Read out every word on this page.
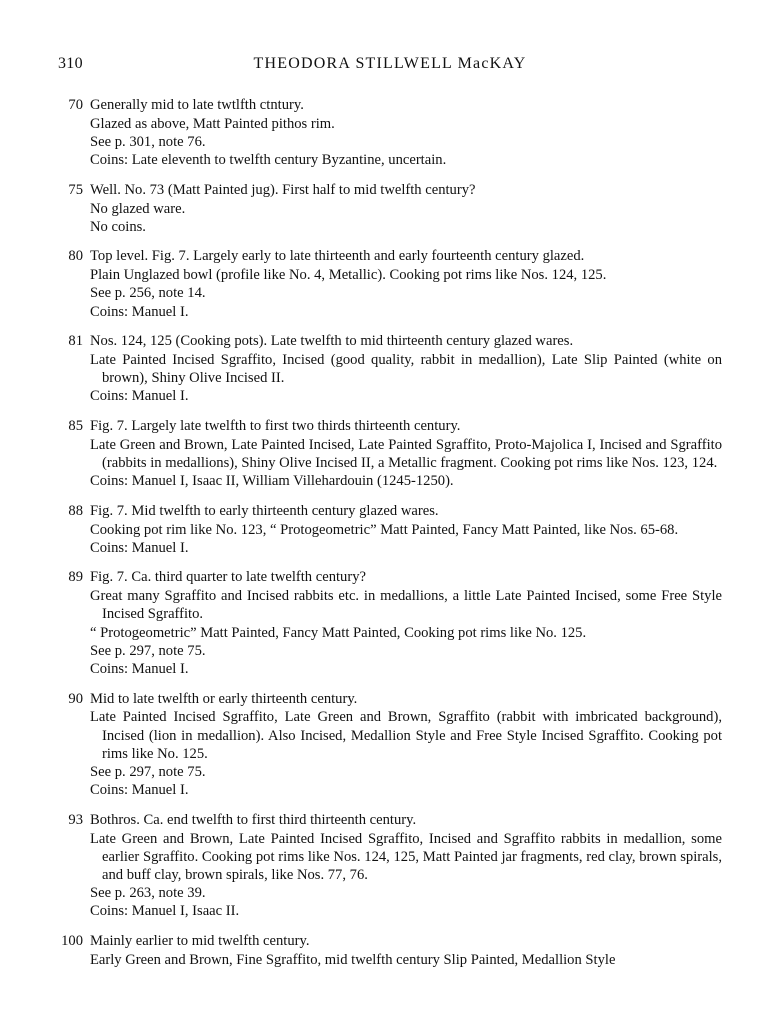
310	THEODORA STILLWELL MacKAY
70 Generally mid to late twtlfth ctntury.
Glazed as above, Matt Painted pithos rim.
See p. 301, note 76.
Coins: Late eleventh to twelfth century Byzantine, uncertain.
75 Well. No. 73 (Matt Painted jug). First half to mid twelfth century?
No glazed ware.
No coins.
80 Top level. Fig. 7. Largely early to late thirteenth and early fourteenth century glazed.
Plain Unglazed bowl (profile like No. 4, Metallic). Cooking pot rims like Nos. 124, 125.
See p. 256, note 14.
Coins: Manuel I.
81 Nos. 124, 125 (Cooking pots). Late twelfth to mid thirteenth century glazed wares.
Late Painted Incised Sgraffito, Incised (good quality, rabbit in medallion), Late Slip Painted (white on brown), Shiny Olive Incised II.
Coins: Manuel I.
85 Fig. 7. Largely late twelfth to first two thirds thirteenth century.
Late Green and Brown, Late Painted Incised, Late Painted Sgraffito, Proto-Majolica I, Incised and Sgraffito (rabbits in medallions), Shiny Olive Incised II, a Metallic fragment. Cooking pot rims like Nos. 123, 124.
Coins: Manuel I, Isaac II, William Villehardouin (1245-1250).
88 Fig. 7. Mid twelfth to early thirteenth century glazed wares.
Cooking pot rim like No. 123, “ Protogeometric” Matt Painted, Fancy Matt Painted, like Nos. 65-68.
Coins: Manuel I.
89 Fig. 7. Ca. third quarter to late twelfth century?
Great many Sgraffito and Incised rabbits etc. in medallions, a little Late Painted Incised, some Free Style Incised Sgraffito.
“ Protogeometric” Matt Painted, Fancy Matt Painted, Cooking pot rims like No. 125.
See p. 297, note 75.
Coins: Manuel I.
90 Mid to late twelfth or early thirteenth century.
Late Painted Incised Sgraffito, Late Green and Brown, Sgraffito (rabbit with imbricated background), Incised (lion in medallion). Also Incised, Medallion Style and Free Style Incised Sgraffito. Cooking pot rims like No. 125.
See p. 297, note 75.
Coins: Manuel I.
93 Bothros. Ca. end twelfth to first third thirteenth century.
Late Green and Brown, Late Painted Incised Sgraffito, Incised and Sgraffito rabbits in medallion, some earlier Sgraffito. Cooking pot rims like Nos. 124, 125, Matt Painted jar fragments, red clay, brown spirals, and buff clay, brown spirals, like Nos. 77, 76.
See p. 263, note 39.
Coins: Manuel I, Isaac II.
100 Mainly earlier to mid twelfth century.
Early Green and Brown, Fine Sgraffito, mid twelfth century Slip Painted, Medallion Style
